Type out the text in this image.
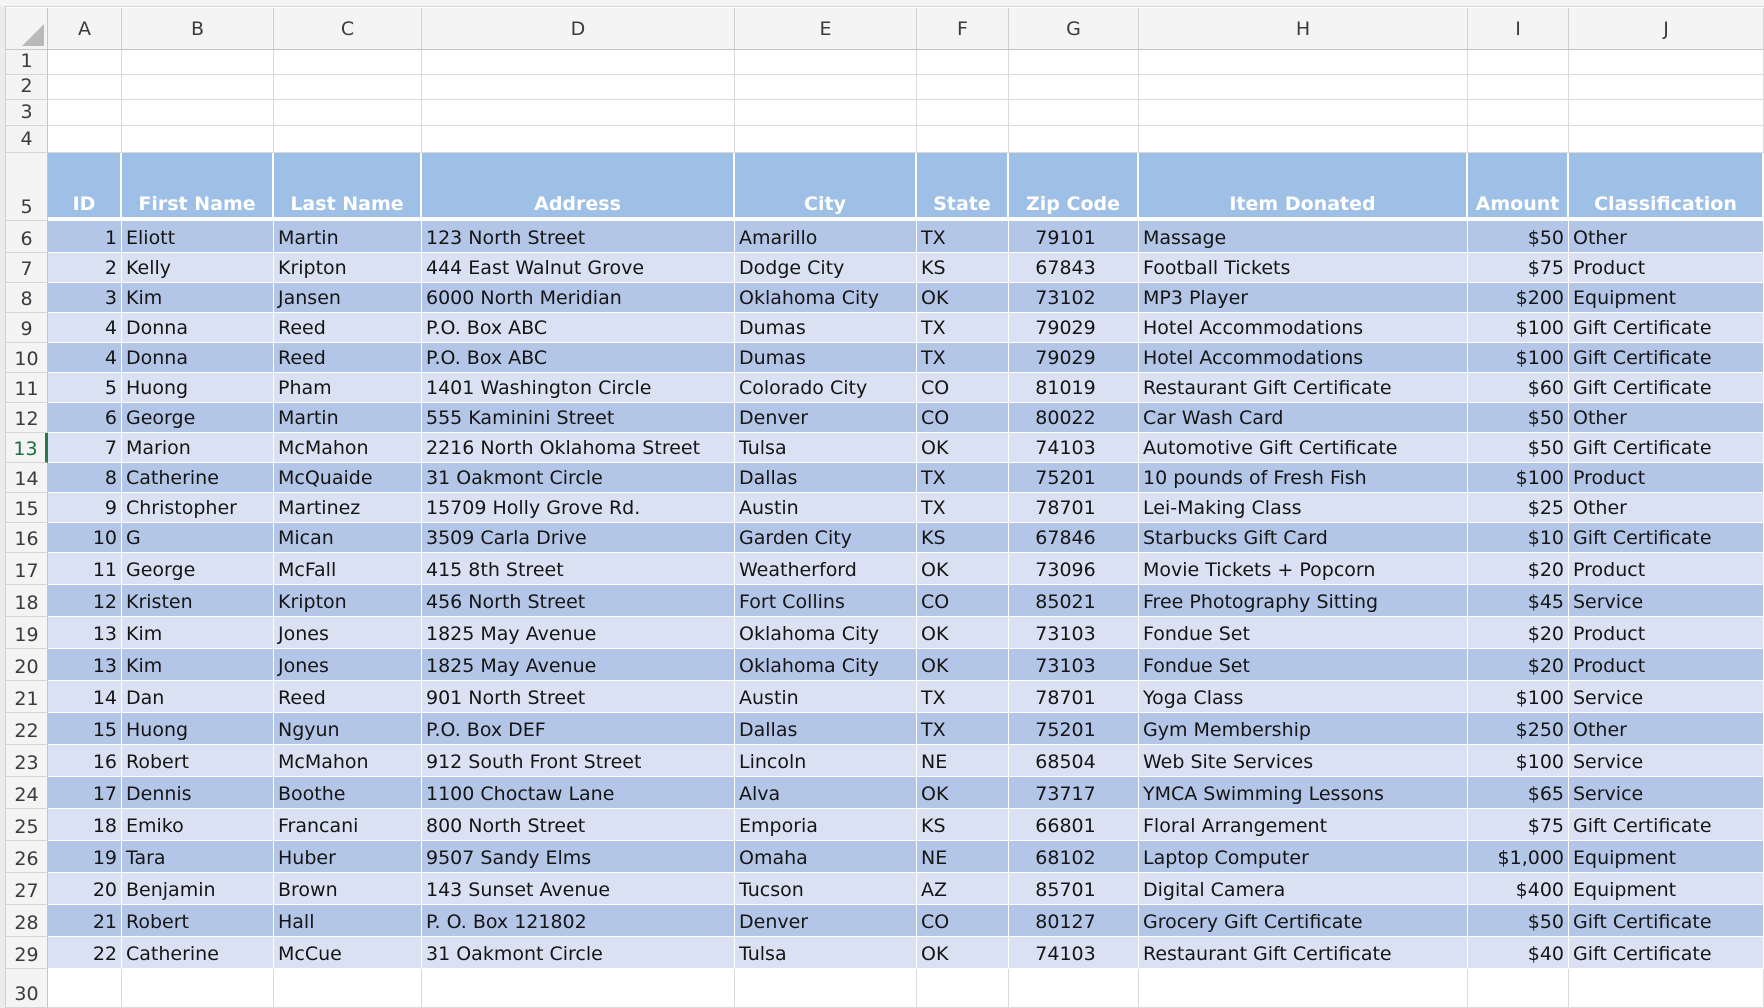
A	B	C	D	E	F	G	H	I	J
1
2
3
4
5
6
7
8
9
10
11
12
13
14
15
16
17
18
19
20
21
22
23
24
25
26
27
28
29
30
ID	First Name	Last Name	Address	City	State	Zip Code	Item Donated	Amount	Classification
1 Eliott	Martin	123 North Street	Amarillo	TX	79101	Massage	$50 Other
2 Kelly	Kripton	444 East Walnut Grove	Dodge City	KS	67843	Football Tickets	$75 Product
3 Kim	Jansen	6000 North Meridian	Oklahoma City	OK	73102	MP3 Player	$200 Equipment
4 Donna	Reed	P.O. Box ABC	Dumas	TX	79029	Hotel Accommodations	$100 Gift Certificate
4 Donna	Reed	P.O. Box ABC	Dumas	TX	79029	Hotel Accommodations	$100 Gift Certificate
5 Huong	Pham	1401 Washington Circle	Colorado City	CO	81019	Restaurant Gift Certificate	$60 Gift Certificate
6 George	Martin	555 Kaminini Street	Denver	CO	80022	Car Wash Card	$50 Other
7 Marion	McMahon	2216 North Oklahoma Street	Tulsa	OK	74103	Automotive Gift Certificate	$50 Gift Certificate
8 Catherine	McQuaide	31 Oakmont Circle	Dallas	TX	75201	10 pounds of Fresh Fish	$100 Product
9 Christopher	Martinez	15709 Holly Grove Rd.	Austin	TX	78701	Lei-Making Class	$25 Other
10 G	Mican	3509 Carla Drive	Garden City	KS	67846	Starbucks Gift Card	$10 Gift Certificate
11 George	McFall	415 8th Street	Weatherford	OK	73096	Movie Tickets + Popcorn	$20 Product
12 Kristen	Kripton	456 North Street	Fort Collins	CO	85021	Free Photography Sitting	$45 Service
13 Kim	Jones	1825 May Avenue	Oklahoma City	OK	73103	Fondue Set	$20 Product
13 Kim	Jones	1825 May Avenue	Oklahoma City	OK	73103	Fondue Set	$20 Product
14 Dan	Reed	901 North Street	Austin	TX	78701	Yoga Class	$100 Service
15 Huong	Ngyun	P.O. Box DEF	Dallas	TX	75201	Gym Membership	$250 Other
16 Robert	McMahon	912 South Front Street	Lincoln	NE	68504	Web Site Services	$100 Service
17 Dennis	Boothe	1100 Choctaw Lane	Alva	OK	73717	YMCA Swimming Lessons	$65 Service
18 Emiko	Francani	800 North Street	Emporia	KS	66801	Floral Arrangement	$75 Gift Certificate
19 Tara	Huber	9507 Sandy Elms	Omaha	NE	68102	Laptop Computer	$1,000 Equipment
20 Benjamin	Brown	143 Sunset Avenue	Tucson	AZ	85701	Digital Camera	$400 Equipment
21 Robert	Hall	P. O. Box 121802	Denver	CO	80127	Grocery Gift Certificate	$50 Gift Certificate
22 Catherine	McCue	31 Oakmont Circle	Tulsa	OK	74103	Restaurant Gift Certificate	$40 Gift Certificate
